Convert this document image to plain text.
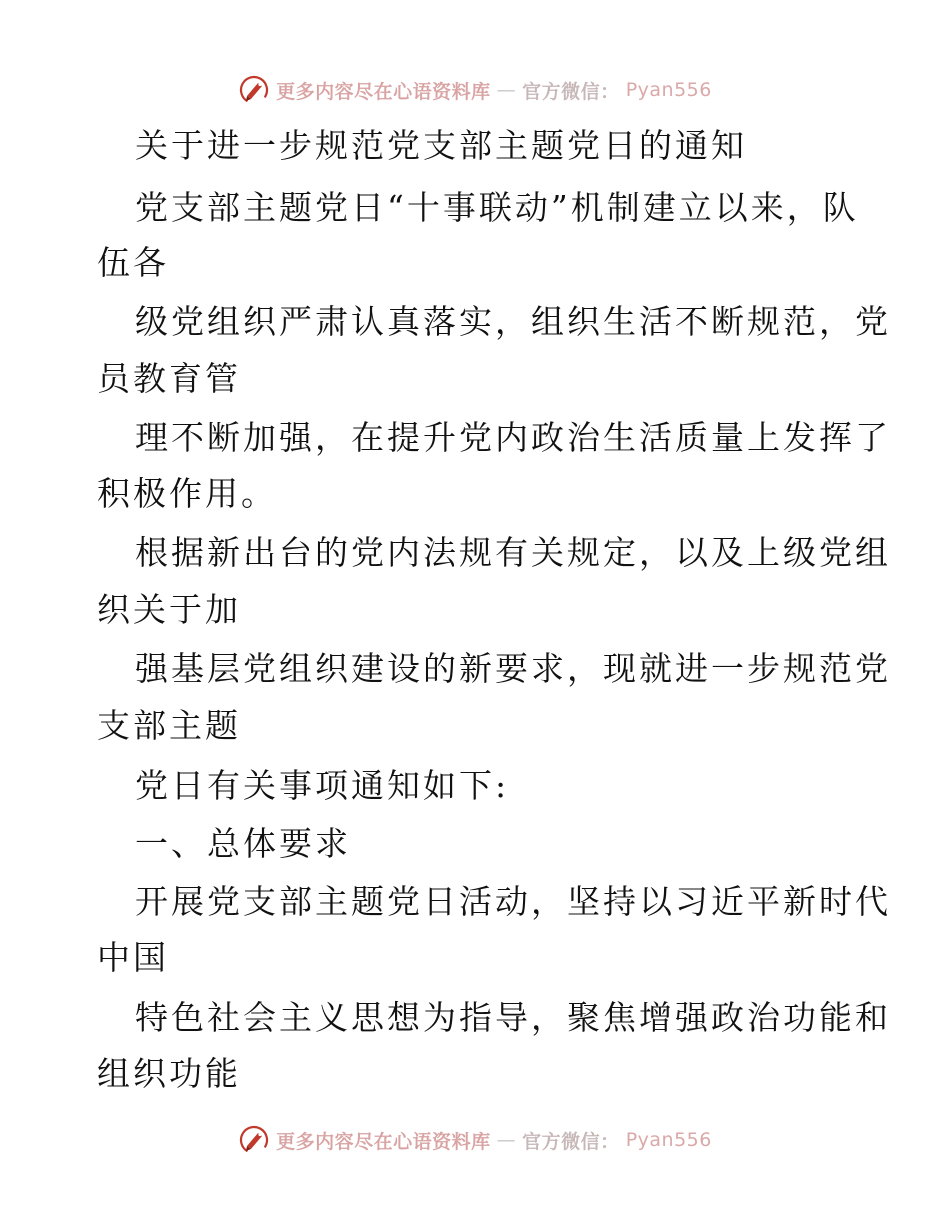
更多内容尽在心语资料库 — 官方微信： Pyan556
关于进一步规范党支部主题党日的通知
党支部主题党日“十事联动”机制建立以来，队
伍各
级党组织严肃认真落实，组织生活不断规范，党
员教育管
理不断加强，在提升党内政治生活质量上发挥了
积极作用。
根据新出台的党内法规有关规定，以及上级党组
织关于加
强基层党组织建设的新要求，现就进一步规范党
支部主题
党日有关事项通知如下:
一、总体要求
开展党支部主题党日活动，坚持以习近平新时代
中国
特色社会主义思想为指导，聚焦增强政治功能和
组织功能
更多内容尽在心语资料库 — 官方微信： Pyan556
